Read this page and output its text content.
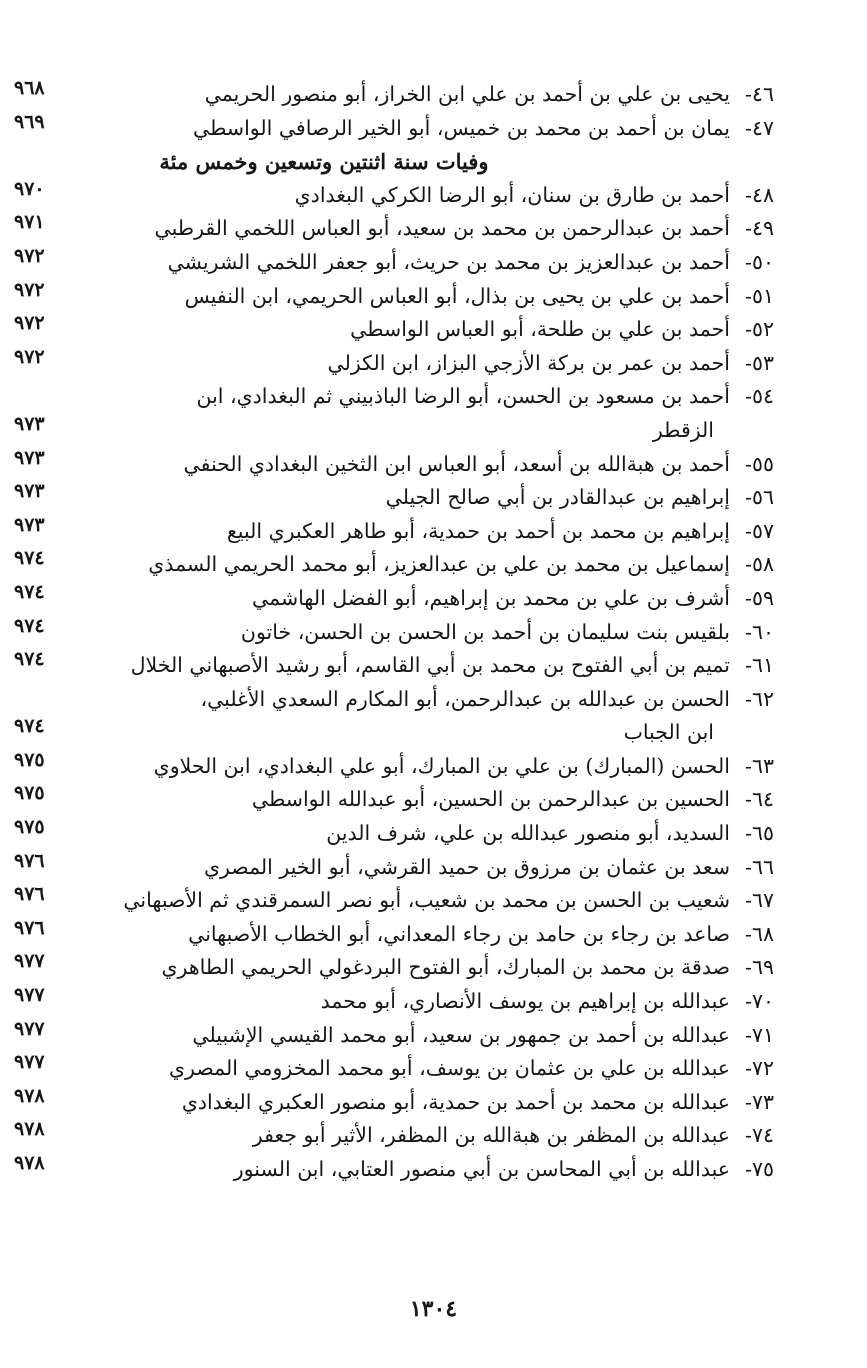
٤٦-
يحيى بن علي بن أحمد بن علي ابن الخراز، أبو منصور الحريمي
٩٦٨
٤٧-
يمان بن أحمد بن محمد بن خميس، أبو الخير الرصافي الواسطي
٩٦٩
وفيات سنة اثنتين وتسعين وخمس مئة
٤٨-
أحمد بن طارق بن سنان، أبو الرضا الكركي البغدادي
٩٧٠
٤٩-
أحمد بن عبدالرحمن بن محمد بن سعيد، أبو العباس اللخمي القرطبي
٩٧١
٥٠-
أحمد بن عبدالعزيز بن محمد بن حريث، أبو جعفر اللخمي الشريشي
٩٧٢
٥١-
أحمد بن علي بن يحيى بن بذال، أبو العباس الحريمي، ابن النفيس
٩٧٢
٥٢-
أحمد بن علي بن طلحة، أبو العباس الواسطي
٩٧٢
٥٣-
أحمد بن عمر بن بركة الأزجي البزاز، ابن الكزلي
٩٧٢
٥٤-
أحمد بن مسعود بن الحسن، أبو الرضا الباذبيني ثم البغدادي، ابن
الزقطر
٩٧٣
٥٥-
أحمد بن هبةالله بن أسعد، أبو العباس ابن الثخين البغدادي الحنفي
٩٧٣
٥٦-
إبراهيم بن عبدالقادر بن أبي صالح الجيلي
٩٧٣
٥٧-
إبراهيم بن محمد بن أحمد بن حمدية، أبو طاهر العكبري البيع
٩٧٣
٥٨-
إسماعيل بن محمد بن علي بن عبدالعزيز، أبو محمد الحريمي السمذي
٩٧٤
٥٩-
أشرف بن علي بن محمد بن إبراهيم، أبو الفضل الهاشمي
٩٧٤
٦٠-
بلقيس بنت سليمان بن أحمد بن الحسن بن الحسن، خاتون
٩٧٤
٦١-
تميم بن أبي الفتوح بن محمد بن أبي القاسم، أبو رشيد الأصبهاني الخلال
٩٧٤
٦٢-
الحسن بن عبدالله بن عبدالرحمن، أبو المكارم السعدي الأغلبي،
ابن الجباب
٩٧٤
٦٣-
الحسن (المبارك) بن علي بن المبارك، أبو علي البغدادي، ابن الحلاوي
٩٧٥
٦٤-
الحسين بن عبدالرحمن بن الحسين، أبو عبدالله الواسطي
٩٧٥
٦٥-
السديد، أبو منصور عبدالله بن علي، شرف الدين
٩٧٥
٦٦-
سعد بن عثمان بن مرزوق بن حميد القرشي، أبو الخير المصري
٩٧٦
٦٧-
شعيب بن الحسن بن محمد بن شعيب، أبو نصر السمرقندي ثم الأصبهاني
٩٧٦
٦٨-
صاعد بن رجاء بن حامد بن رجاء المعداني، أبو الخطاب الأصبهاني
٩٧٦
٦٩-
صدقة بن محمد بن المبارك، أبو الفتوح البردغولي الحريمي الطاهري
٩٧٧
٧٠-
عبدالله بن إبراهيم بن يوسف الأنصاري، أبو محمد
٩٧٧
٧١-
عبدالله بن أحمد بن جمهور بن سعيد، أبو محمد القيسي الإشبيلي
٩٧٧
٧٢-
عبدالله بن علي بن عثمان بن يوسف، أبو محمد المخزومي المصري
٩٧٧
٧٣-
عبدالله بن محمد بن أحمد بن حمدية، أبو منصور العكبري البغدادي
٩٧٨
٧٤-
عبدالله بن المظفر بن هبةالله بن المظفر، الأثير أبو جعفر
٩٧٨
٧٥-
عبدالله بن أبي المحاسن بن أبي منصور العتابي، ابن السنور
٩٧٨
١٣٠٤
